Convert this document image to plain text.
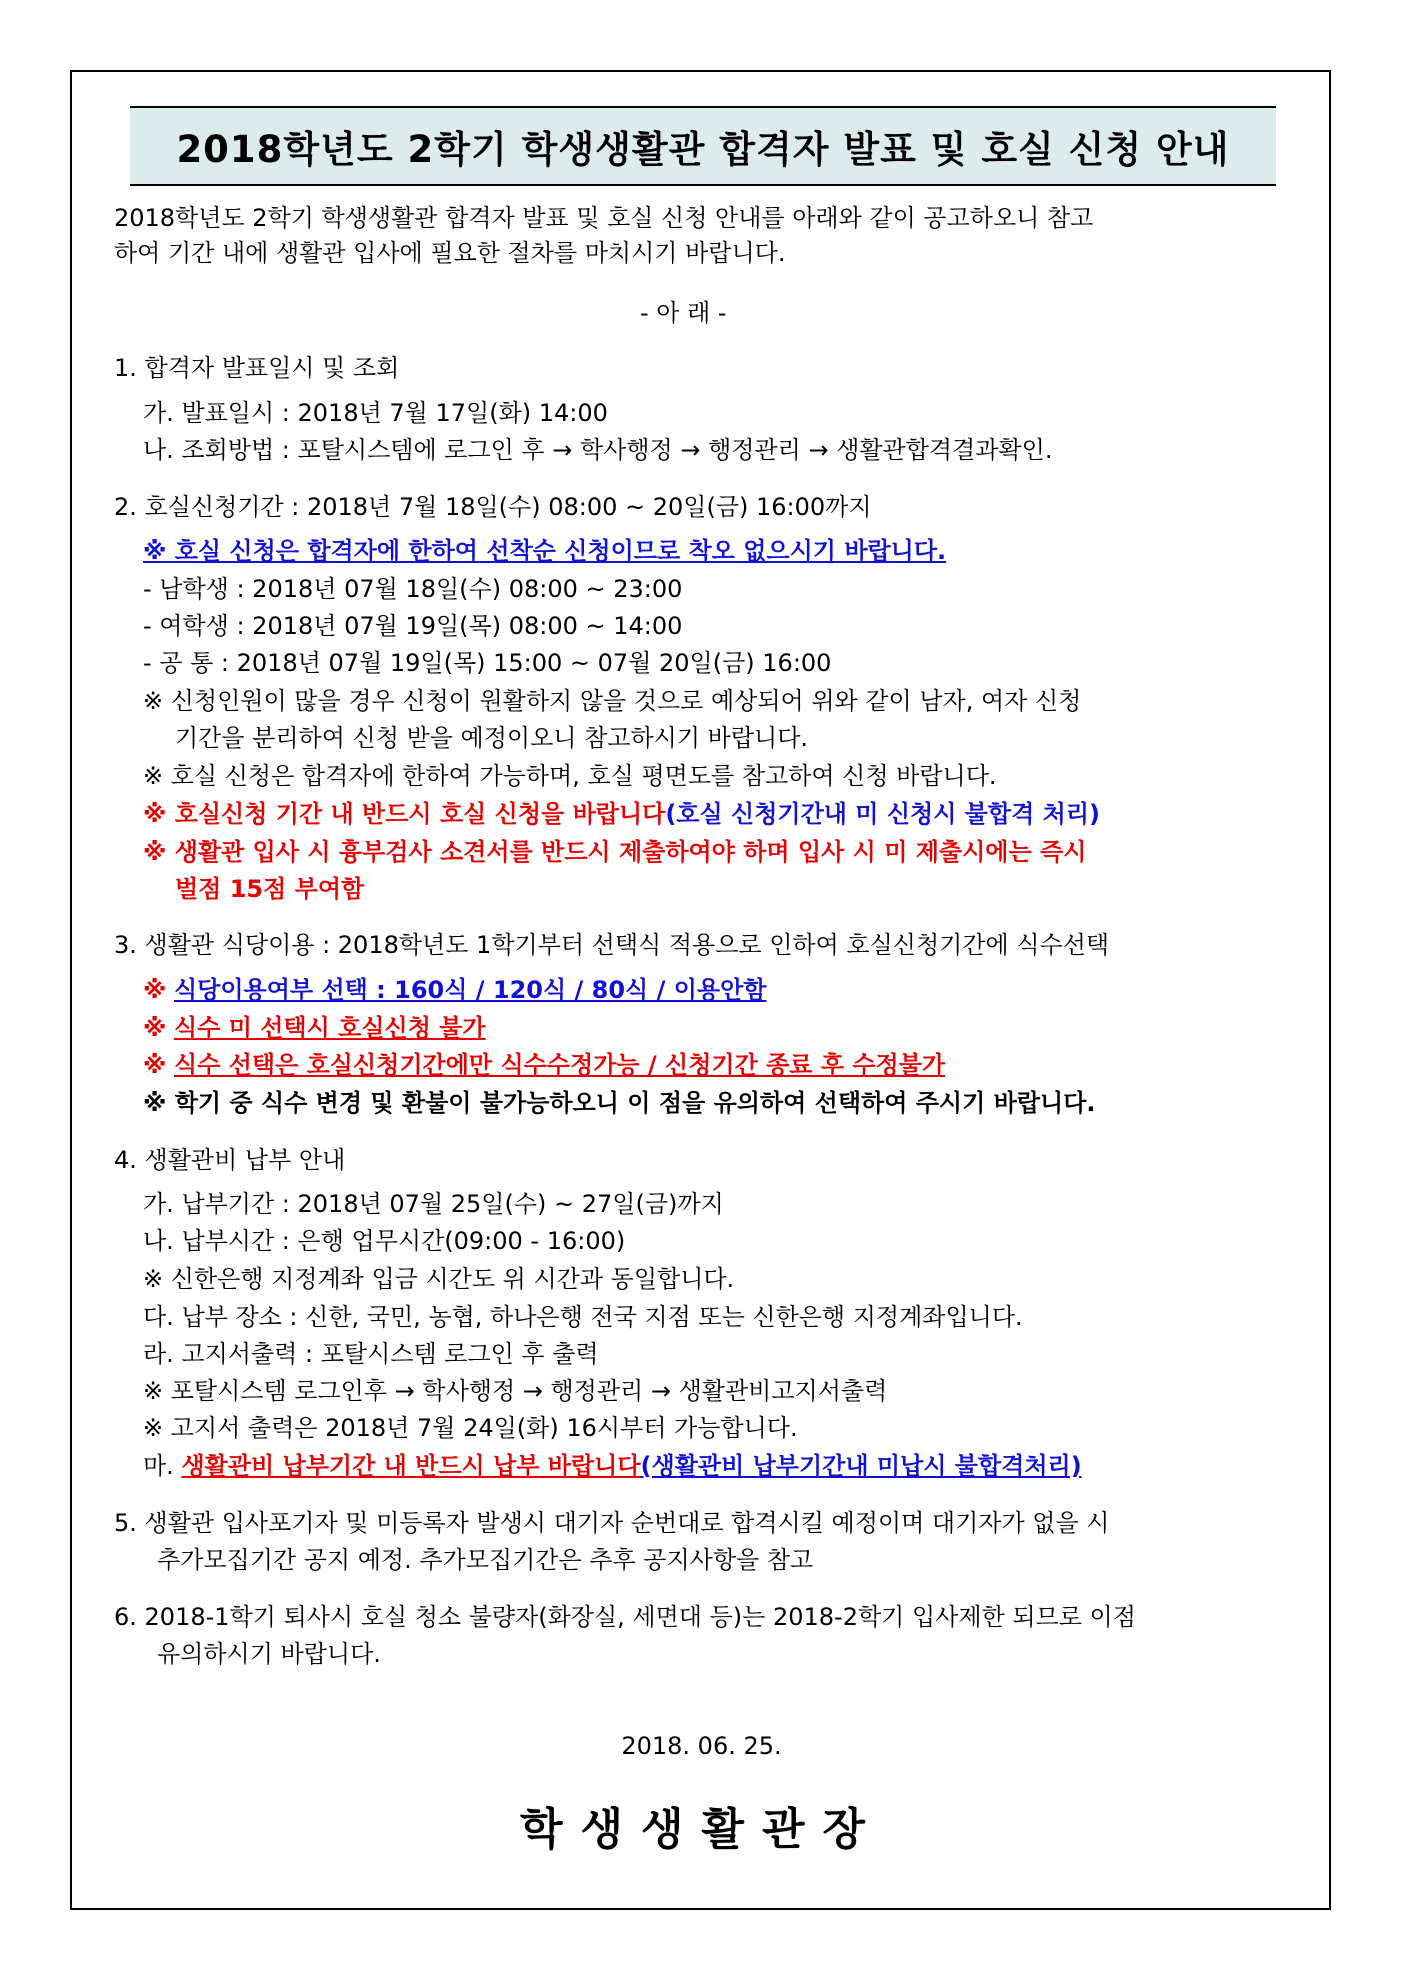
2018학년도 2학기 학생생활관 합격자 발표 및 호실 신청 안내
2018학년도 2학기 학생생활관 합격자 발표 및 호실 신청 안내를 아래와 같이 공고하오니 참고
하여 기간 내에 생활관 입사에 필요한 절차를 마치시기 바랍니다.
- 아 래 -
1. 합격자 발표일시 및 조회
가. 발표일시 : 2018년 7월 17일(화) 14:00
나. 조회방법 : 포탈시스템에 로그인 후 → 학사행정 → 행정관리 → 생활관합격결과확인.
2. 호실신청기간 : 2018년 7월 18일(수) 08:00 ~ 20일(금) 16:00까지
※ 호실 신청은 합격자에 한하여 선착순 신청이므로 착오 없으시기 바랍니다.
- 남학생 : 2018년 07월 18일(수) 08:00 ~ 23:00
- 여학생 : 2018년 07월 19일(목) 08:00 ~ 14:00
- 공 통 : 2018년 07월 19일(목) 15:00 ~ 07월 20일(금) 16:00
※ 신청인원이 많을 경우 신청이 원활하지 않을 것으로 예상되어 위와 같이 남자, 여자 신청
기간을 분리하여 신청 받을 예정이오니 참고하시기 바랍니다.
※ 호실 신청은 합격자에 한하여 가능하며, 호실 평면도를 참고하여 신청 바랍니다.
※ 호실신청 기간 내 반드시 호실 신청을 바랍니다(호실 신청기간내 미 신청시 불합격 처리)
※ 생활관 입사 시 흉부검사 소견서를 반드시 제출하여야 하며 입사 시 미 제출시에는 즉시
벌점 15점 부여함
3. 생활관 식당이용 : 2018학년도 1학기부터 선택식 적용으로 인하여 호실신청기간에 식수선택
※ 식당이용여부 선택 : 160식 / 120식 / 80식 / 이용안함
※ 식수 미 선택시 호실신청 불가
※ 식수 선택은 호실신청기간에만 식수수정가능 / 신청기간 종료 후 수정불가
※ 학기 중 식수 변경 및 환불이 불가능하오니 이 점을 유의하여 선택하여 주시기 바랍니다.
4. 생활관비 납부 안내
가. 납부기간 : 2018년 07월 25일(수) ~ 27일(금)까지
나. 납부시간 : 은행 업무시간(09:00 - 16:00)
※ 신한은행 지정계좌 입금 시간도 위 시간과 동일합니다.
다. 납부 장소 : 신한, 국민, 농협, 하나은행 전국 지점 또는 신한은행 지정계좌입니다.
라. 고지서출력 : 포탈시스템 로그인 후 출력
※ 포탈시스템 로그인후 → 학사행정 → 행정관리 → 생활관비고지서출력
※ 고지서 출력은 2018년 7월 24일(화) 16시부터 가능합니다.
마. 생활관비 납부기간 내 반드시 납부 바랍니다(생활관비 납부기간내 미납시 불합격처리)
5. 생활관 입사포기자 및 미등록자 발생시 대기자 순번대로 합격시킬 예정이며 대기자가 없을 시
추가모집기간 공지 예정. 추가모집기간은 추후 공지사항을 참고
6. 2018-1학기 퇴사시 호실 청소 불량자(화장실, 세면대 등)는 2018-2학기 입사제한 되므로 이점
유의하시기 바랍니다.
2018. 06. 25.
학생생활관장
